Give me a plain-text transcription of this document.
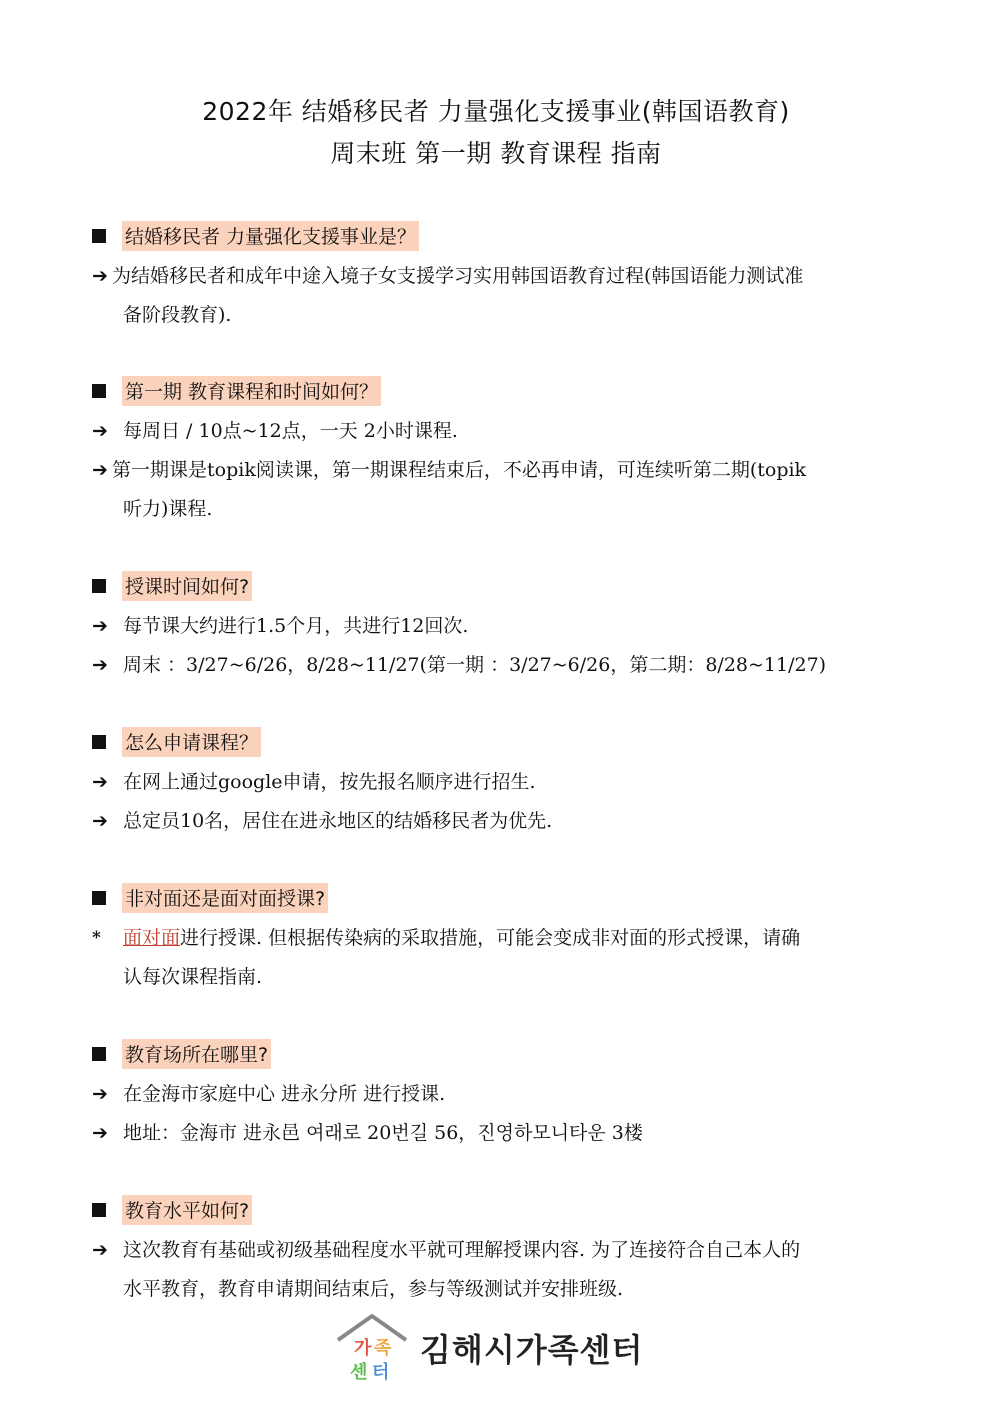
2022年 结婚移民者 力量强化支援事业(韩国语教育)
周末班 第一期 教育课程 指南
结婚移民者 力量强化支援事业是？
➔ 为结婚移民者和成年中途入境子女支援学习实用韩国语教育过程(韩国语能力测试准
备阶段教育).
第一期 教育课程和时间如何？
➔ 每周日 / 10点~12点，一天 2小时课程.
➔ 第一期课是topik阅读课，第一期课程结束后，不必再申请，可连续听第二期(topik
听力)课程.
授课时间如何?
➔ 每节课大约进行1.5个月，共进行12回次.
➔ 周末 ：3/27~6/26，8/28~11/27(第一期 ：3/27~6/26，第二期：8/28~11/27)
怎么申请课程？
➔ 在网上通过google申请，按先报名顺序进行招生.
➔ 总定员10名，居住在进永地区的结婚移民者为优先.
非对面还是面对面授课?
* 面对面进行授课. 但根据传染病的采取措施，可能会变成非对面的形式授课，请确
认每次课程指南.
教育场所在哪里?
➔ 在金海市家庭中心 进永分所 进行授课.
➔ 地址：金海市 进永邑 여래로 20번길 56，진영하모니타운 3楼
教育水平如何?
➔ 这次教育有基础或初级基础程度水平就可理解授课内容. 为了连接符合自己本人的
水平教育，教育申请期间结束后，参与等级测试并安排班级.
가 족
센 터
김해시가족센터
